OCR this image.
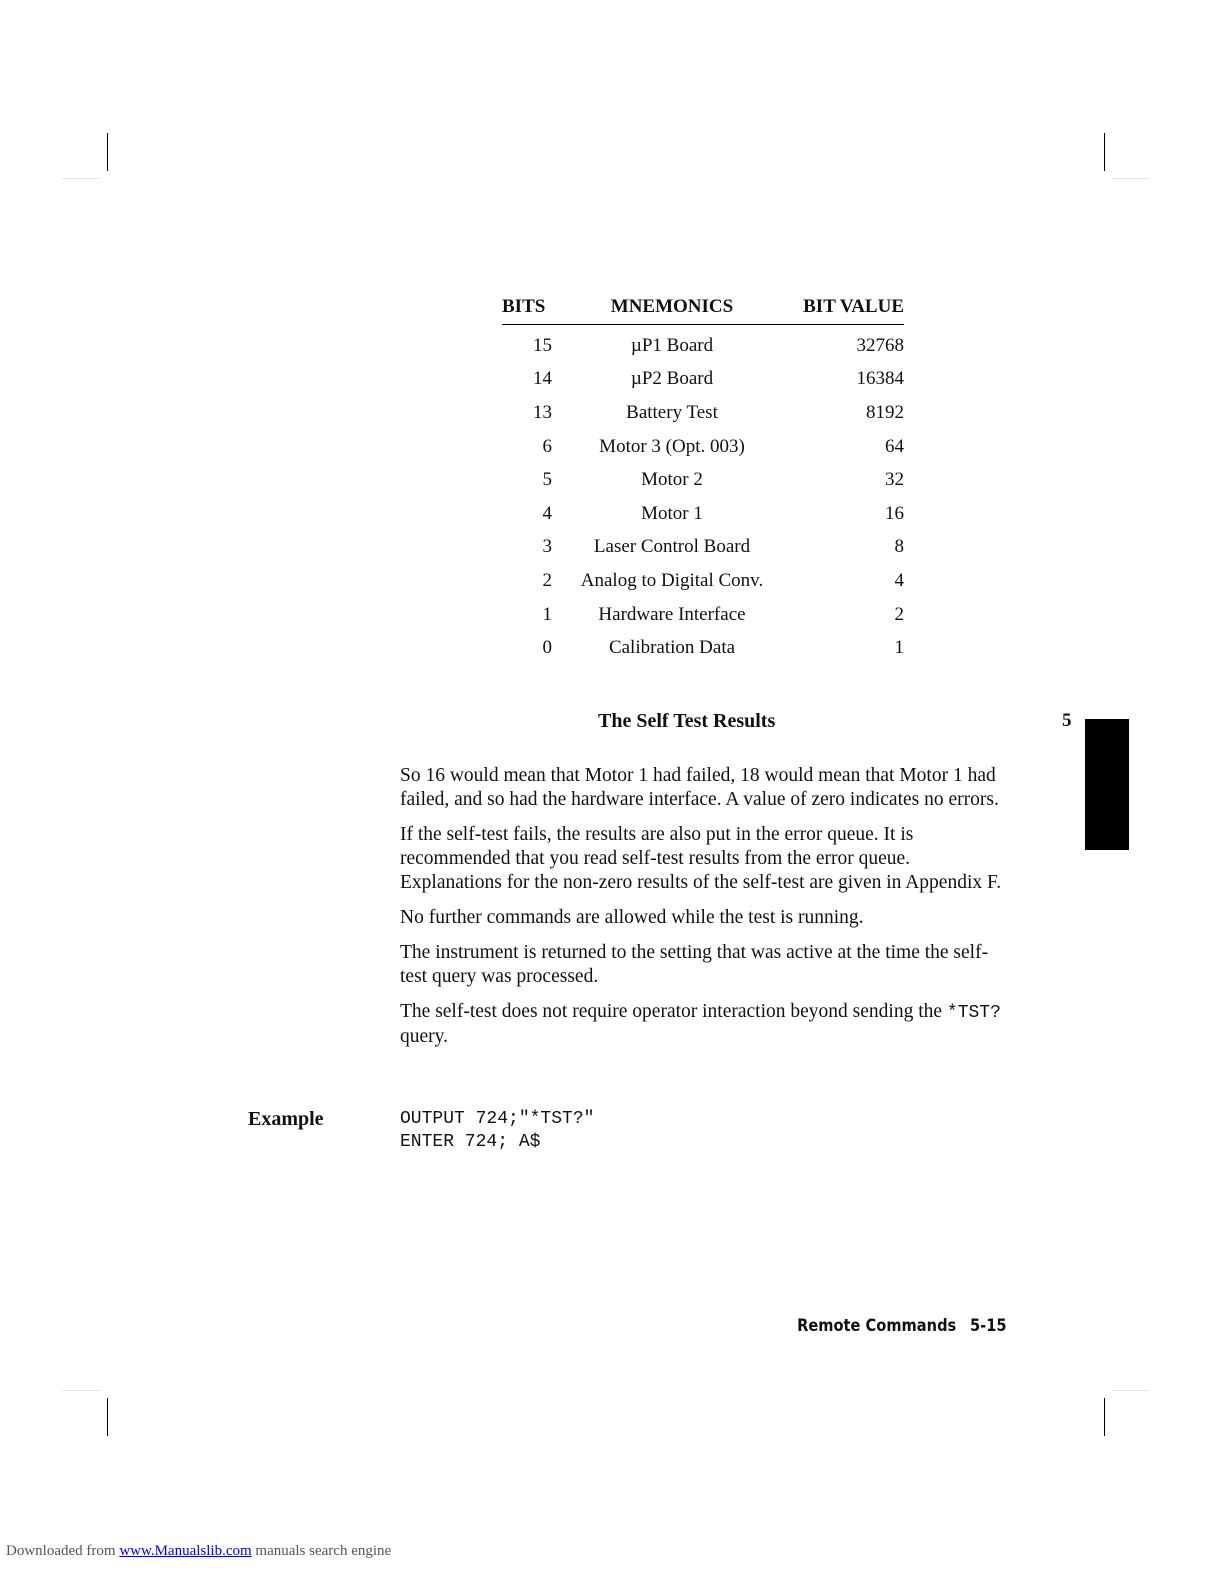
BITS	MNEMONICS	BIT VALUE
15	µP1 Board	32768
14	µP2 Board	16384
13	Battery Test	8192
6	Motor 3 (Opt. 003)	64
5	Motor 2	32
4	Motor 1	16
3	Laser Control Board	8
2	Analog to Digital Conv.	4
1	Hardware Interface	2
0	Calibration Data	1
The Self Test Results	5

So 16 would mean that Motor 1 had failed, 18 would mean that Motor 1 had failed, and so had the hardware interface. A value of zero indicates no errors.

If the self-test fails, the results are also put in the error queue. It is recommended that you read self-test results from the error queue. Explanations for the non-zero results of the self-test are given in Appendix F.

No further commands are allowed while the test is running.

The instrument is returned to the setting that was active at the time the self-test query was processed.

The self-test does not require operator interaction beyond sending the *TST? query.

Example	OUTPUT 724;"*TST?"
ENTER 724; A$
Remote Commands 5-15
Downloaded from www.Manualslib.com manuals search engine
